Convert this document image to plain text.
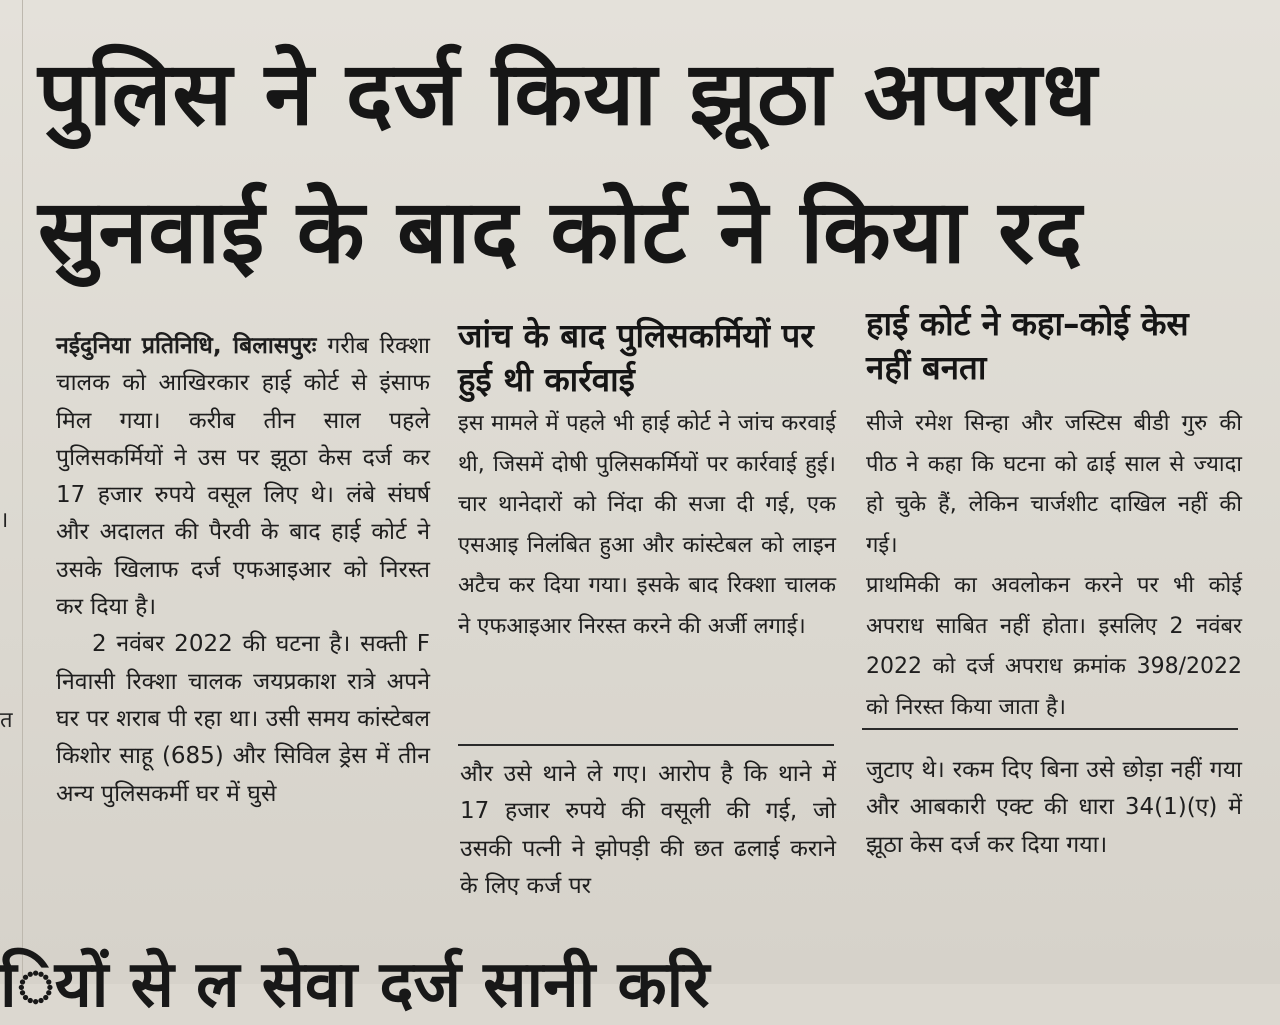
।
त
पुलिस ने दर्ज किया झूठा अपराध
सुनवाई के बाद कोर्ट ने किया रद

नईदुनिया प्रतिनिधि, बिलासपुरः गरीब रिक्शा चालक को आखिरकार हाई कोर्ट से इंसाफ मिल गया। करीब तीन साल पहले पुलिसकर्मियों ने उस पर झूठा केस दर्ज कर 17 हजार रुपये वसूल लिए थे। लंबे संघर्ष और अदालत की पैरवी के बाद हाई कोर्ट ने उसके खिलाफ दर्ज एफआइआर को निरस्त कर दिया है।

2 नवंबर 2022 की घटना है। सक्ती F निवासी रिक्शा चालक जयप्रकाश रात्रे अपने घर पर शराब पी रहा था। उसी समय कांस्टेबल किशोर साहू (685) और सिविल ड्रेस में तीन अन्य पुलिसकर्मी घर में घुसे

जांच के बाद पुलिसकर्मियों पर हुई थी कार्रवाई
इस मामले में पहले भी हाई कोर्ट ने जांच करवाई थी, जिसमें दोषी पुलिसकर्मियों पर कार्रवाई हुई। चार थानेदारों को निंदा की सजा दी गई, एक एसआइ निलंबित हुआ और कांस्टेबल को लाइन अटैच कर दिया गया। इसके बाद रिक्शा चालक ने एफआइआर निरस्त करने की अर्जी लगाई।
और उसे थाने ले गए। आरोप है कि थाने में 17 हजार रुपये की वसूली की गई, जो उसकी पत्नी ने झोपड़ी की छत ढलाई कराने के लिए कर्ज पर
हाई कोर्ट ने कहा–कोई केस नहीं बनता

सीजे रमेश सिन्हा और जस्टिस बीडी गुरु की पीठ ने कहा कि घटना को ढाई साल से ज्यादा हो चुके हैं, लेकिन चार्जशीट दाखिल नहीं की गई।

प्राथमिकी का अवलोकन करने पर भी कोई अपराध साबित नहीं होता। इसलिए 2 नवंबर 2022 को दर्ज अपराध क्रमांक 398/2022 को निरस्त किया जाता है।

जुटाए थे। रकम दिए बिना उसे छोड़ा नहीं गया और आबकारी एक्ट की धारा 34(1)(ए) में झूठा केस दर्ज कर दिया गया।
ियों से ल सेवा दर्ज सानी करि
